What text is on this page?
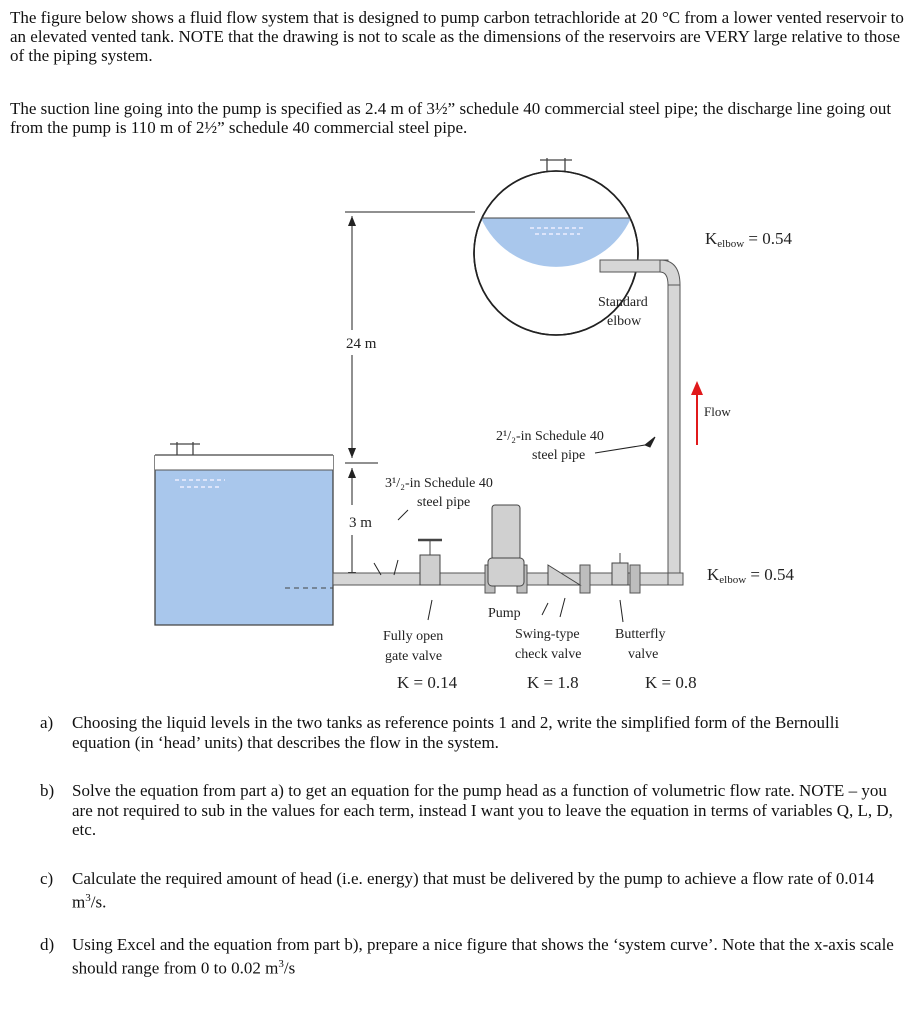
The figure below shows a fluid flow system that is designed to pump carbon tetrachloride at 20 °C from a lower vented reservoir to an elevated vented tank. NOTE that the drawing is not to scale as the dimensions of the reservoirs are VERY large relative to those of the piping system.

The suction line going into the pump is specified as 2.4 m of 3½” schedule 40 commercial steel pipe; the discharge line going out from the pump is 110 m of 2½” schedule 40 commercial steel pipe.

24 m
3 m
Kelbow = 0.54
Kelbow = 0.54
Standard
elbow
Flow
2¹/₂-in Schedule 40
steel pipe
3¹/₂-in Schedule 40
steel pipe
Pump
Fully open
gate valve
Swing-type
check valve
Butterfly
valve
K = 0.14	K = 1.8	K = 0.8
a)	Choosing the liquid levels in the two tanks as reference points 1 and 2, write the simplified form of the Bernoulli equation (in ‘head’ units) that describes the flow in the system.
b)	Solve the equation from part a) to get an equation for the pump head as a function of volumetric flow rate. NOTE – you are not required to sub in the values for each term, instead I want you to leave the equation in terms of variables Q, L, D, etc.
c)	Calculate the required amount of head (i.e. energy) that must be delivered by the pump to achieve a flow rate of 0.014 $m^3/s$.
d)	Using Excel and the equation from part b), prepare a nice figure that shows the ‘system curve’. Note that the x-axis scale should range from 0 to 0.02 $m^3/s$
